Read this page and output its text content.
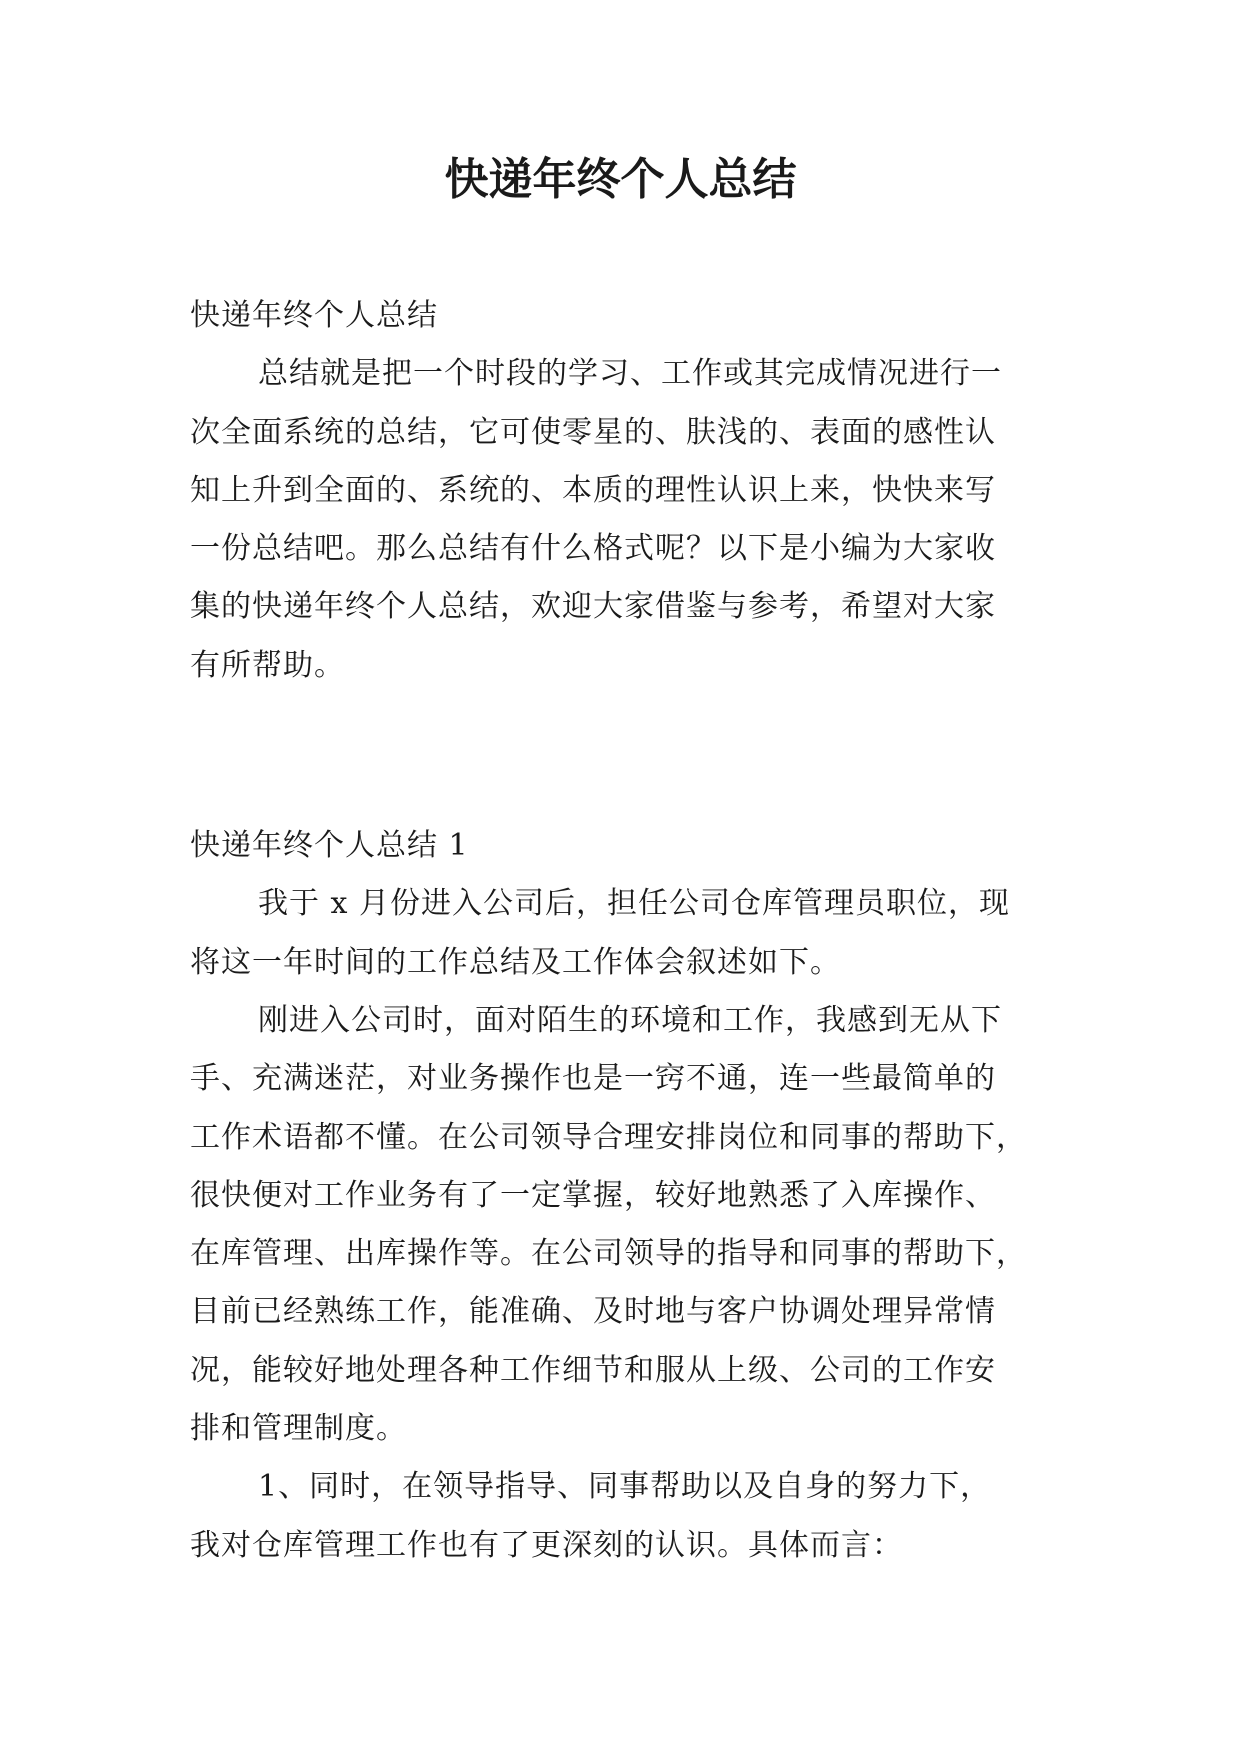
快递年终个人总结
快递年终个人总结
总结就是把一个时段的学习、工作或其完成情况进行一
次全面系统的总结，它可使零星的、肤浅的、表面的感性认
知上升到全面的、系统的、本质的理性认识上来，快快来写
一份总结吧。那么总结有什么格式呢？以下是小编为大家收
集的快递年终个人总结，欢迎大家借鉴与参考，希望对大家
有所帮助。
快递年终个人总结 1
我于 x 月份进入公司后，担任公司仓库管理员职位，现
将这一年时间的工作总结及工作体会叙述如下。
刚进入公司时，面对陌生的环境和工作，我感到无从下
手、充满迷茫，对业务操作也是一窍不通，连一些最简单的
工作术语都不懂。在公司领导合理安排岗位和同事的帮助下，
很快便对工作业务有了一定掌握，较好地熟悉了入库操作、
在库管理、出库操作等。在公司领导的指导和同事的帮助下，
目前已经熟练工作，能准确、及时地与客户协调处理异常情
况，能较好地处理各种工作细节和服从上级、公司的工作安
排和管理制度。
1、同时，在领导指导、同事帮助以及自身的努力下，
我对仓库管理工作也有了更深刻的认识。具体而言：
